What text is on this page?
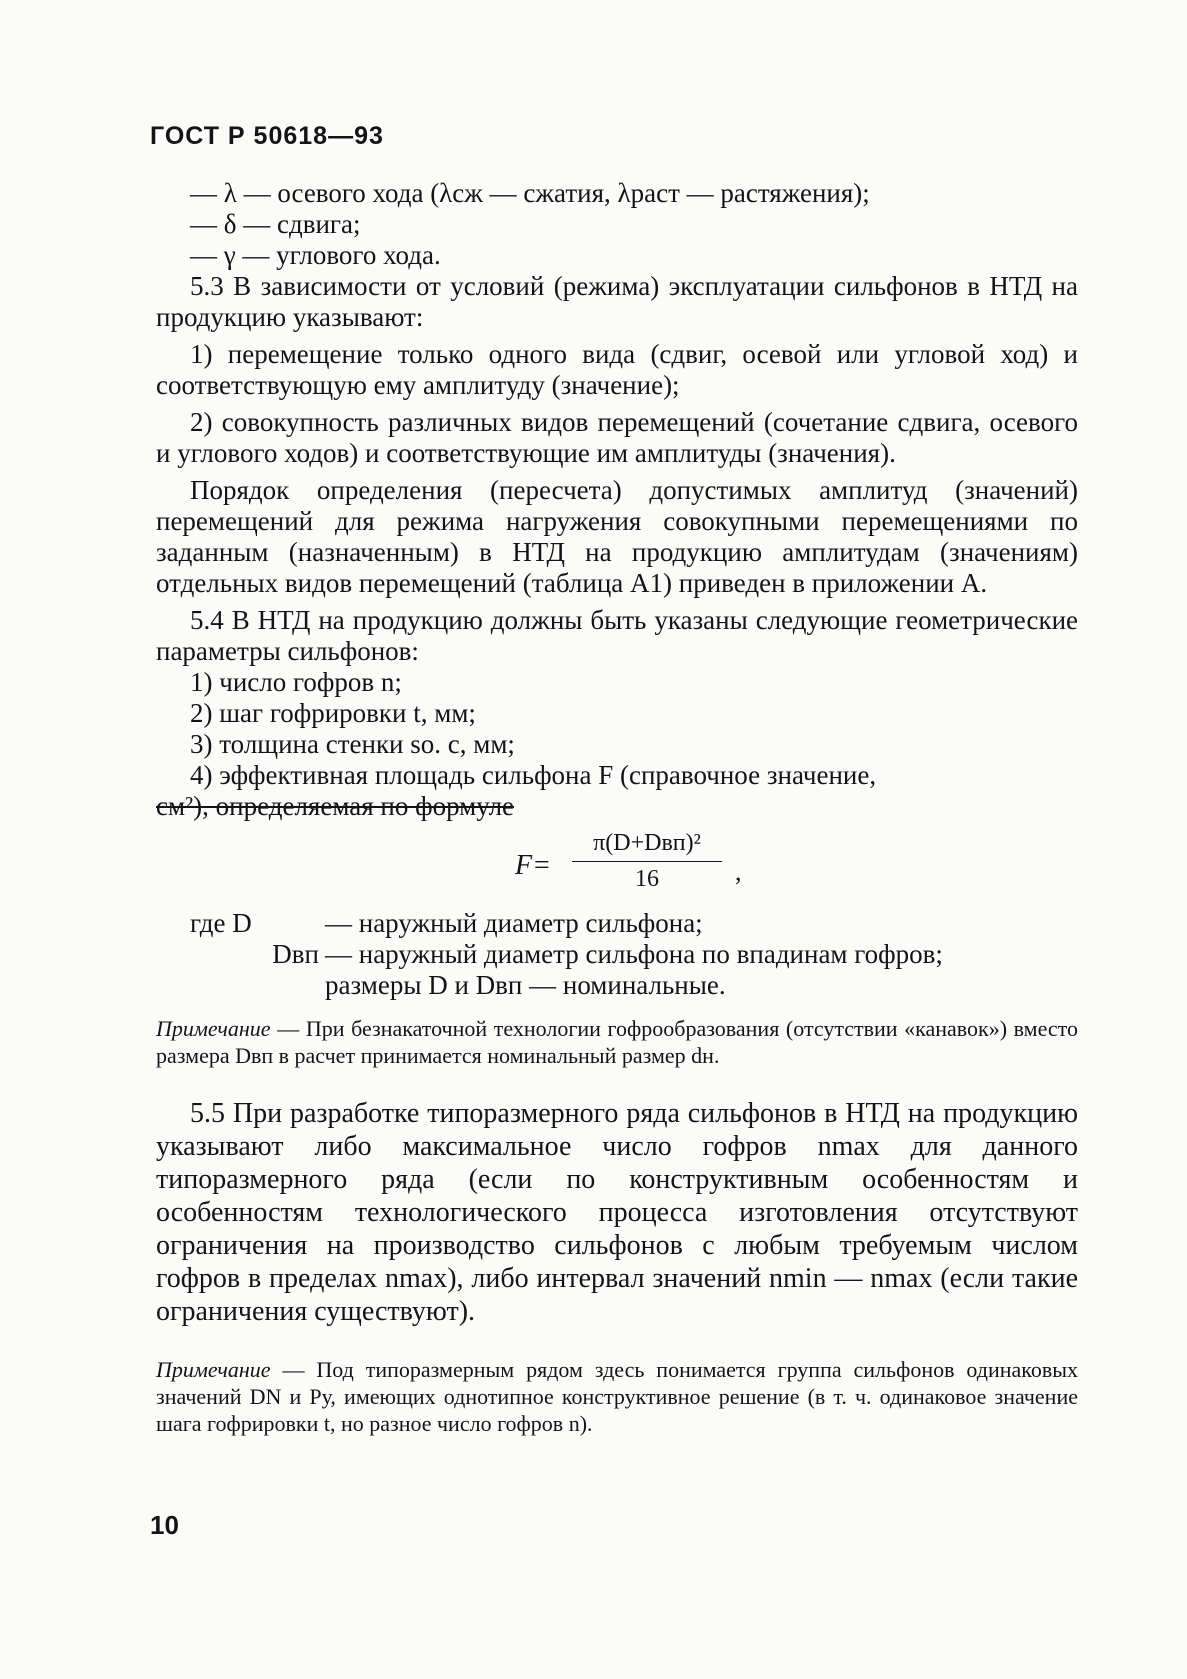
ГОСТ Р 50618—93

— λ — осевого хода (λсж — сжатия, λраст — растяжения);

— δ — сдвига;

— γ — углового хода.

5.3 В зависимости от условий (режима) эксплуатации сильфонов в НТД на продукцию указывают:

1) перемещение только одного вида (сдвиг, осевой или угловой ход) и соответствующую ему амплитуду (значение);

2) совокупность различных видов перемещений (сочетание сдвига, осевого и углового ходов) и соответствующие им амплитуды (значения).

Порядок определения (пересчета) допустимых амплитуд (значений) перемещений для режима нагружения совокупными перемещениями по заданным (назначенным) в НТД на продукцию амплитудам (значениям) отдельных видов перемещений (таблица А1) приведен в приложении А.

5.4 В НТД на продукцию должны быть указаны следующие геометрические параметры сильфонов:

1) число гофров n;

2) шаг гофрировки t, мм;

3) толщина стенки sо. с, мм;

4) эффективная площадь сильфона F (справочное значение,

см²), определяемая по формуле

F=
π(D+Dвп)²
16	,
где D	— наружный диаметр сильфона;
Dвп — наружный диаметр сильфона по впадинам гофров;
размеры D и Dвп — номинальные.

Примечание — При безнакаточной технологии гофрообразования (отсутствии «канавок») вместо размера Dвп в расчет принимается номинальный размер dн.

5.5 При разработке типоразмерного ряда сильфонов в НТД на продукцию указывают либо максимальное число гофров nmax для данного типоразмерного ряда (если по конструктивным особенностям и особенностям технологического процесса изготовления отсутствуют ограничения на производство сильфонов с любым требуемым числом гофров в пределах nmax), либо интервал значений nmin — nmax (если такие ограничения существуют).

Примечание — Под типоразмерным рядом здесь понимается группа сильфонов одинаковых значений DN и Pу, имеющих однотипное конструктивное решение (в т. ч. одинаковое значение шага гофрировки t, но разное число гофров n).

10
